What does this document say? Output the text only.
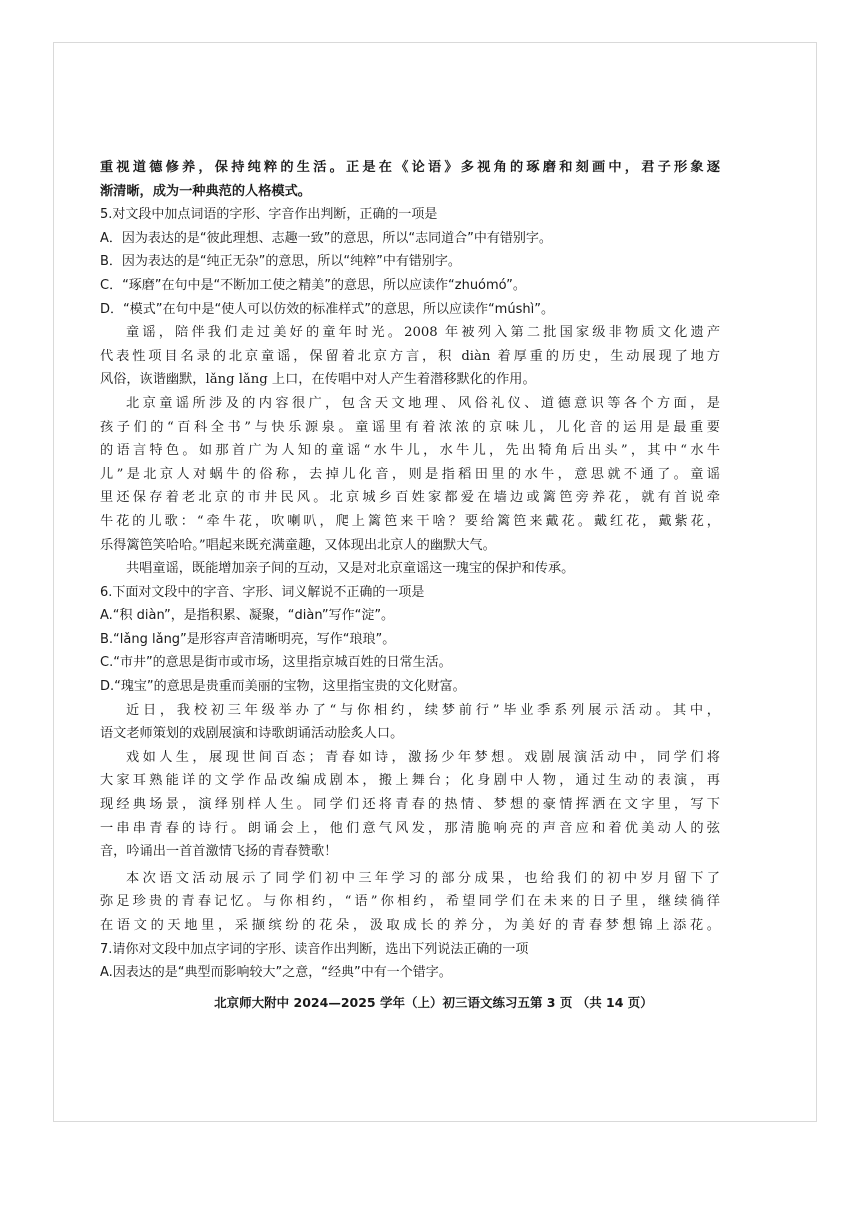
重视道德修养，保持纯粹的生活。正是在《论语》多视角的琢磨和刻画中，君子形象逐
渐清晰，成为一种典范的人格模式。
5.对文段中加点词语的字形、字音作出判断，正确的一项是
A．因为表达的是“彼此理想、志趣一致”的意思，所以“志同道合”中有错别字。
B．因为表达的是“纯正无杂”的意思，所以“纯粹”中有错别字。
C．“琢磨”在句中是“不断加工使之精美”的意思，所以应读作“zhuómó”。
D．“模式”在句中是“使人可以仿效的标准样式”的意思，所以应读作“múshì”。
童谣，陪伴我们走过美好的童年时光。2008 年被列入第二批国家级非物质文化遗产
代表性项目名录的北京童谣，保留着北京方言，积 diàn 着厚重的历史，生动展现了地方
风俗，诙谐幽默，lǎng lǎng 上口，在传唱中对人产生着潜移默化的作用。
北京童谣所涉及的内容很广，包含天文地理、风俗礼仪、道德意识等各个方面，是
孩子们的“百科全书”与快乐源泉。童谣里有着浓浓的京味儿，儿化音的运用是最重要
的语言特色。如那首广为人知的童谣“水牛儿，水牛儿，先出犄角后出头”，其中“水牛
儿”是北京人对蜗牛的俗称，去掉儿化音，则是指稻田里的水牛，意思就不通了。童谣
里还保存着老北京的市井民风。北京城乡百姓家都爱在墙边或篱笆旁养花，就有首说牵
牛花的儿歌：“牵牛花，吹喇叭，爬上篱笆来干啥？要给篱笆来戴花。戴红花，戴紫花，
乐得篱笆笑哈哈。”唱起来既充满童趣，又体现出北京人的幽默大气。
共唱童谣，既能增加亲子间的互动，又是对北京童谣这一瑰宝的保护和传承。
6.下面对文段中的字音、字形、词义解说不正确的一项是
A.“积 diàn”，是指积累、凝聚，“diàn”写作“淀”。
B.“lǎng lǎng”是形容声音清晰明亮，写作“琅琅”。
C.“市井”的意思是街市或市场，这里指京城百姓的日常生活。
D.“瑰宝”的意思是贵重而美丽的宝物，这里指宝贵的文化财富。
近日，我校初三年级举办了“与你相约，续梦前行”毕业季系列展示活动。其中，
语文老师策划的戏剧展演和诗歌朗诵活动脍炙人口。
戏如人生，展现世间百态；青春如诗，激扬少年梦想。戏剧展演活动中，同学们将
大家耳熟能详的文学作品改编成剧本，搬上舞台；化身剧中人物，通过生动的表演，再
现经典场景，演绎别样人生。同学们还将青春的热情、梦想的豪情挥洒在文字里，写下
一串串青春的诗行。朗诵会上，他们意气风发，那清脆响亮的声音应和着优美动人的弦
音，吟诵出一首首激情飞扬的青春赞歌！
本次语文活动展示了同学们初中三年学习的部分成果，也给我们的初中岁月留下了
弥足珍贵的青春记忆。与你相约，“语”你相约，希望同学们在未来的日子里，继续徜徉
在语文的天地里，采撷缤纷的花朵，汲取成长的养分，为美好的青春梦想锦上添花。
7.请你对文段中加点字词的字形、读音作出判断，选出下列说法正确的一项
A.因表达的是“典型而影响较大”之意，“经典”中有一个错字。
北京师大附中 2024—2025 学年（上）初三语文练习五第 3 页 （共 14 页）
